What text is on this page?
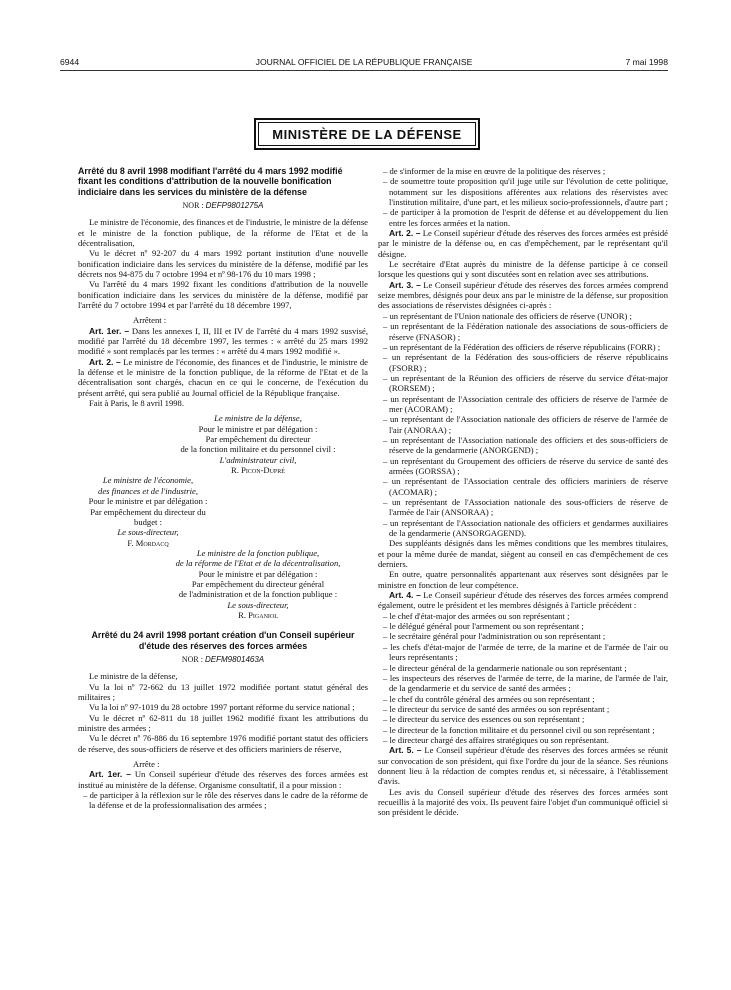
6944	JOURNAL OFFICIEL DE LA RÉPUBLIQUE FRANÇAISE	7 mai 1998
MINISTÈRE DE LA DÉFENSE

Arrêté du 8 avril 1998 modifiant l'arrêté du 4 mars 1992 modifié fixant les conditions d'attribution de la nouvelle bonification indiciaire dans les services du ministère de la défense

NOR : DEFP9801275A

Le ministre de l'économie, des finances et de l'industrie, le ministre de la défense et le ministre de la fonction publique, de la réforme de l'Etat et de la décentralisation,

Vu le décret nº 92-207 du 4 mars 1992 portant institution d'une nouvelle bonification indiciaire dans les services du ministère de la défense, modifié par les décrets nos 94-875 du 7 octobre 1994 et nº 98-176 du 10 mars 1998 ;

Vu l'arrêté du 4 mars 1992 fixant les conditions d'attribution de la nouvelle bonification indiciaire dans les services du ministère de la défense, modifié par l'arrêté du 7 octobre 1994 et par l'arrêté du 18 décembre 1997,

Arrêtent :

Art. 1er. – Dans les annexes I, II, III et IV de l'arrêté du 4 mars 1992 susvisé, modifié par l'arrêté du 18 décembre 1997, les termes : « arrêté du 25 mars 1992 modifié » sont remplacés par les termes : « arrêté du 4 mars 1992 modifié ».

Art. 2. – Le ministre de l'économie, des finances et de l'industrie, le ministre de la défense et le ministre de la fonction publique, de la réforme de l'Etat et de la décentralisation sont chargés, chacun en ce qui le concerne, de l'exécution du présent arrêté, qui sera publié au Journal officiel de la République française.

Fait à Paris, le 8 avril 1998.

Le ministre de la défense,

Pour le ministre et par délégation :

Par empêchement du directeur

de la fonction militaire et du personnel civil :

L'administrateur civil,

R. Picon-Dupré

Le ministre de l'économie,

des finances et de l'industrie,

Pour le ministre et par délégation :

Par empêchement du directeur du budget :

Le sous-directeur,

F. Mordacq

Le ministre de la fonction publique,

de la réforme de l'Etat et de la décentralisation,

Pour le ministre et par délégation :

Par empêchement du directeur général

de l'administration et de la fonction publique :

Le sous-directeur,

R. Piganiol

Arrêté du 24 avril 1998 portant création d'un Conseil supérieur d'étude des réserves des forces armées

NOR : DEFM9801463A

Le ministre de la défense,

Vu la loi nº 72-662 du 13 juillet 1972 modifiée portant statut général des militaires ;

Vu la loi nº 97-1019 du 28 octobre 1997 portant réforme du service national ;

Vu le décret nº 62-811 du 18 juillet 1962 modifié fixant les attributions du ministre des armées ;

Vu le décret nº 76-886 du 16 septembre 1976 modifié portant statut des officiers de réserve, des sous-officiers de réserve et des officiers mariniers de réserve,

Arrête :

Art. 1er. – Un Conseil supérieur d'étude des réserves des forces armées est institué au ministère de la défense. Organisme consultatif, il a pour mission :

– de participer à la réflexion sur le rôle des réserves dans le cadre de la réforme de la défense et de la professionnalisation des armées ;
– de s'informer de la mise en œuvre de la politique des réserves ;
– de soumettre toute proposition qu'il juge utile sur l'évolution de cette politique, notamment sur les dispositions afférentes aux relations des réservistes avec l'institution militaire, d'une part, et les milieux socio-professionnels, d'autre part ;
– de participer à la promotion de l'esprit de défense et au développement du lien entre les forces armées et la nation.

Art. 2. – Le Conseil supérieur d'étude des réserves des forces armées est présidé par le ministre de la défense ou, en cas d'empêchement, par le représentant qu'il désigne.

Le secrétaire d'Etat auprès du ministre de la défense participe à ce conseil lorsque les questions qui y sont discutées sont en relation avec ses attributions.

Art. 3. – Le Conseil supérieur d'étude des réserves des forces armées comprend seize membres, désignés pour deux ans par le ministre de la défense, sur proposition des associations de réservistes désignées ci-après :

– un représentant de l'Union nationale des officiers de réserve (UNOR) ;
– un représentant de la Fédération nationale des associations de sous-officiers de réserve (FNASOR) ;
– un représentant de la Fédération des officiers de réserve républicains (FORR) ;
– un représentant de la Fédération des sous-officiers de réserve républicains (FSORR) ;
– un représentant de la Réunion des officiers de réserve du service d'état-major (RORSEM) ;
– un représentant de l'Association centrale des officiers de réserve de l'armée de mer (ACORAM) ;
– un représentant de l'Association nationale des officiers de réserve de l'armée de l'air (ANORAA) ;
– un représentant de l'Association nationale des officiers et des sous-officiers de réserve de la gendarmerie (ANORGEND) ;
– un représentant du Groupement des officiers de réserve du service de santé des armées (GORSSA) ;
– un représentant de l'Association centrale des officiers mariniers de réserve (ACOMAR) ;
– un représentant de l'Association nationale des sous-officiers de réserve de l'armée de l'air (ANSORAA) ;
– un représentant de l'Association nationale des officiers et gendarmes auxiliaires de la gendarmerie (ANSORGAGEND).

Des suppléants désignés dans les mêmes conditions que les membres titulaires, et pour la même durée de mandat, siègent au conseil en cas d'empêchement de ces derniers.

En outre, quatre personnalités appartenant aux réserves sont désignées par le ministre en fonction de leur compétence.

Art. 4. – Le Conseil supérieur d'étude des réserves des forces armées comprend également, outre le président et les membres désignés à l'article précédent :

– le chef d'état-major des armées ou son représentant ;
– le délégué général pour l'armement ou son représentant ;
– le secrétaire général pour l'administration ou son représentant ;
– les chefs d'état-major de l'armée de terre, de la marine et de l'armée de l'air ou leurs représentants ;
– le directeur général de la gendarmerie nationale ou son représentant ;
– les inspecteurs des réserves de l'armée de terre, de la marine, de l'armée de l'air, de la gendarmerie et du service de santé des armées ;
– le chef du contrôle général des armées ou son représentant ;
– le directeur du service de santé des armées ou son représentant ;
– le directeur du service des essences ou son représentant ;
– le directeur de la fonction militaire et du personnel civil ou son représentant ;
– le directeur chargé des affaires stratégiques ou son représentant.

Art. 5. – Le Conseil supérieur d'étude des réserves des forces armées se réunit sur convocation de son président, qui fixe l'ordre du jour de la séance. Ses réunions donnent lieu à la rédaction de comptes rendus et, si nécessaire, à l'établissement d'avis.

Les avis du Conseil supérieur d'étude des réserves des forces armées sont recueillis à la majorité des voix. Ils peuvent faire l'objet d'un communiqué officiel si son président le décide.
